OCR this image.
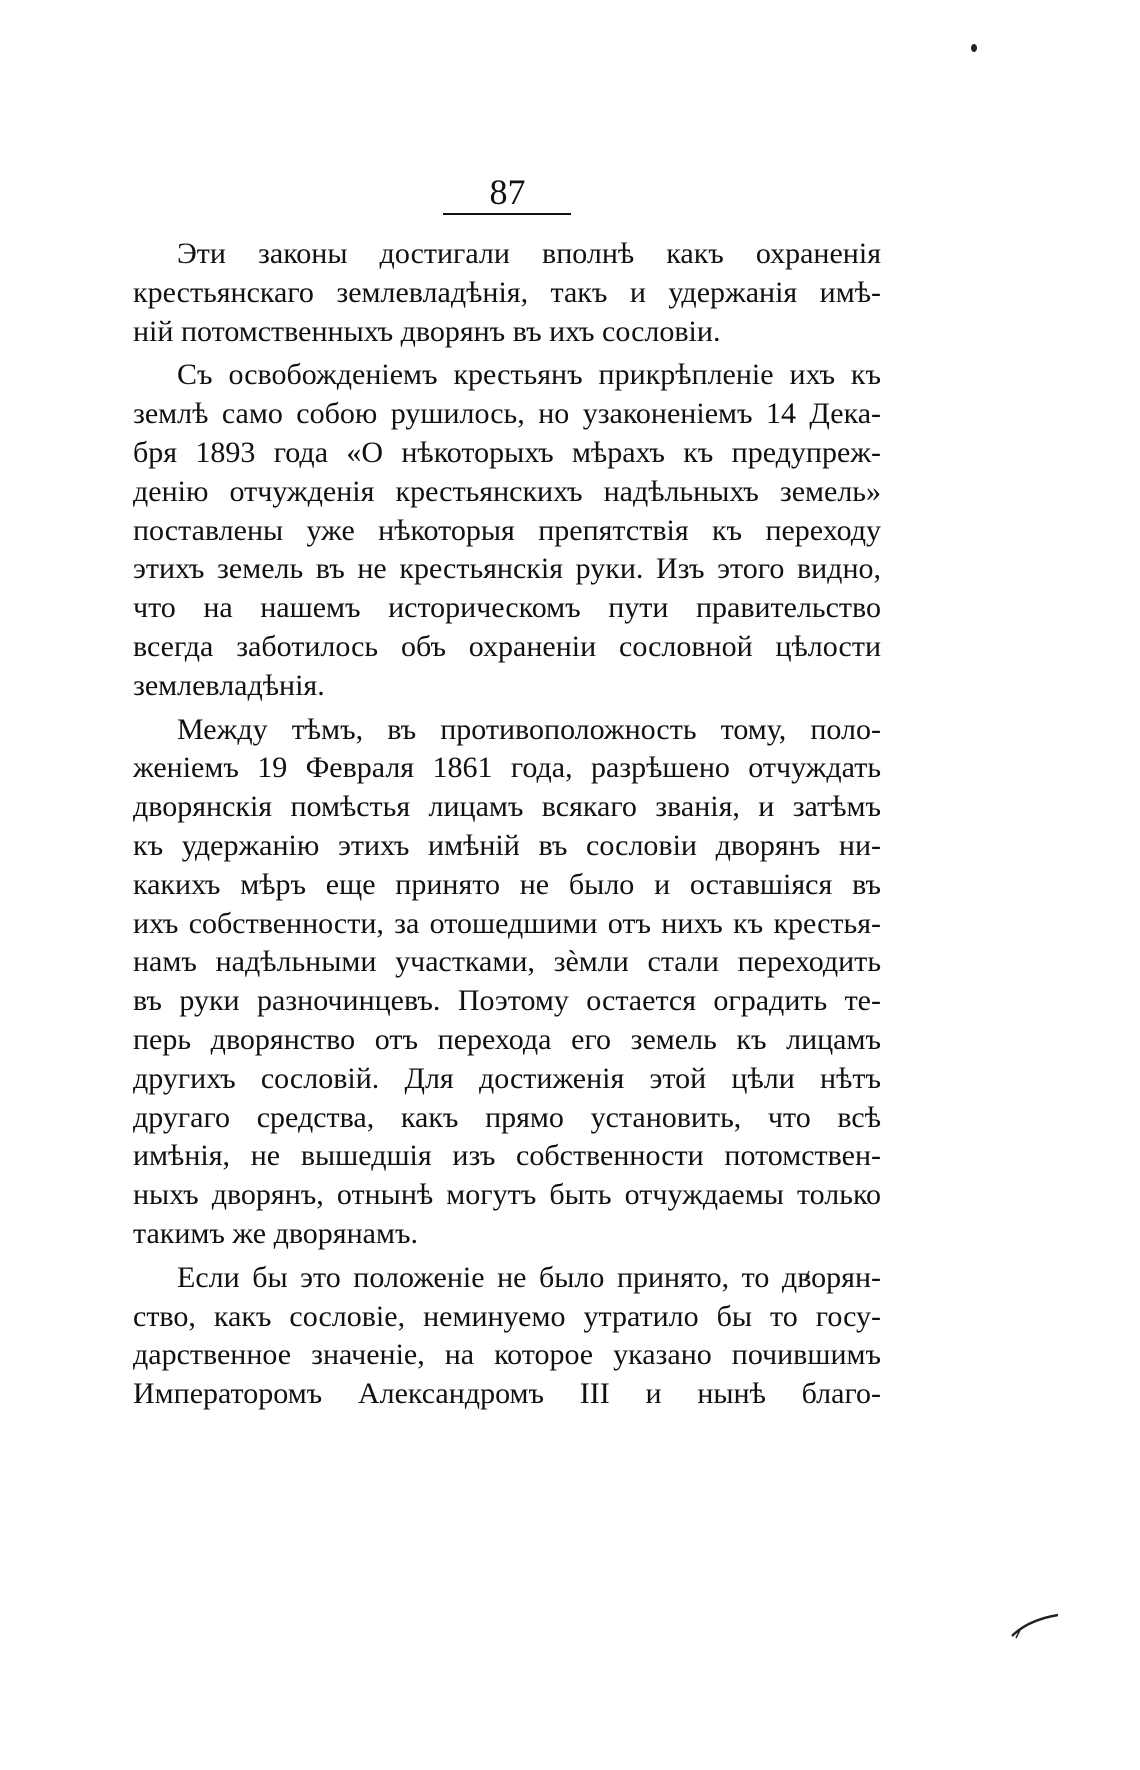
87
Эти законы достигали вполнѣ какъ охраненія
крестьянскаго землевладѣнія, такъ и удержанія имѣ-
ній потомственныхъ дворянъ въ ихъ сословіи.
Съ освобожденіемъ крестьянъ прикрѣпленіе ихъ къ
землѣ само собою рушилось, но узаконеніемъ 14 Дека-
бря 1893 года «О нѣкоторыхъ мѣрахъ къ предупреж-
денію отчужденія крестьянскихъ надѣльныхъ земель»
поставлены уже нѣкоторыя препятствія къ переходу
этихъ земель въ не крестьянскія руки. Изъ этого видно,
что на нашемъ историческомъ пути правительство
всегда заботилось объ охраненіи сословной цѣлости
землевладѣнія.
Между тѣмъ, въ противоположность тому, поло-
женіемъ 19 Февраля 1861 года, разрѣшено отчуждать
дворянскія помѣстья лицамъ всякаго званія, и затѣмъ
къ удержанію этихъ имѣній въ сословіи дворянъ ни-
какихъ мѣръ еще принято не было и оставшіяся въ
ихъ собственности, за отошедшими отъ нихъ къ крестья-
намъ надѣльными участками, зѐмли стали переходить
въ руки разночинцевъ. Поэтому остается оградить те-
перь дворянство отъ перехода его земель къ лицамъ
другихъ сословій. Для достиженія этой цѣли нѣтъ
другаго средства, какъ прямо установить, что всѣ
имѣнія, не вышедшія изъ собственности потомствен-
ныхъ дворянъ, отнынѣ могутъ быть отчуждаемы только
такимъ же дворянамъ.
Если бы это положеніе не было принято, то дворян-
ство, какъ сословіе, неминуемо утратило бы то госу-
дарственное значеніе, на которое указано почившимъ
Императоромъ Александромъ III и нынѣ благо-
